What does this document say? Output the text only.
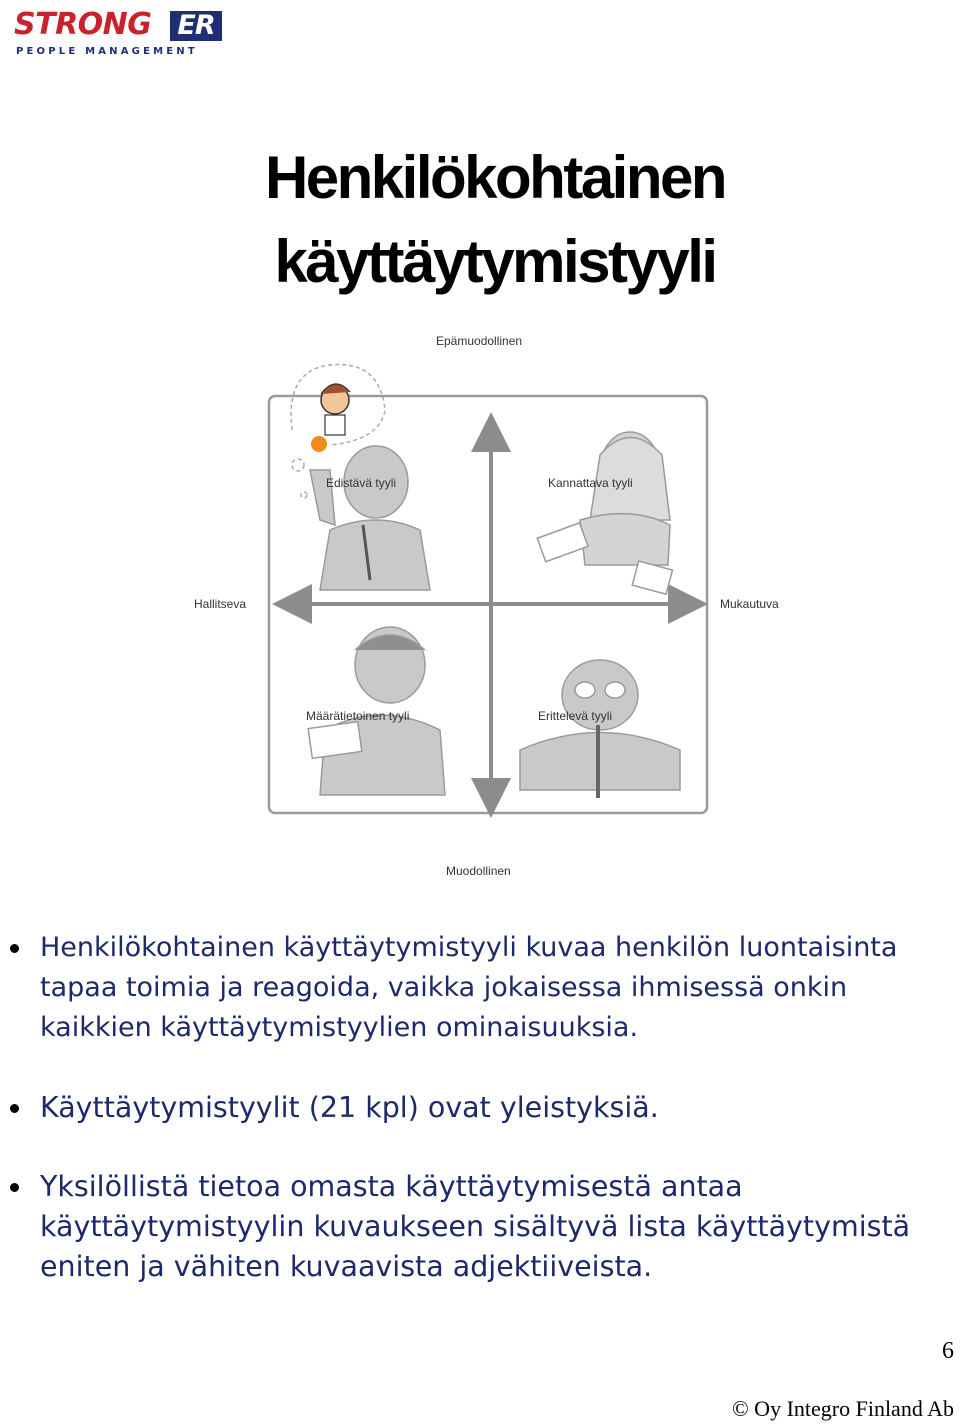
STRONG ER
PEOPLE MANAGEMENT
Henkilökohtainen
käyttäytymistyyli
Epämuodollinen
Muodollinen
Hallitseva	Mukautuva
Edistävä tyyli	Kannattava tyyli
Määrätietoinen tyyli	Erittelevä tyyli
Henkilökohtainen käyttäytymistyyli kuvaa henkilön luontaisinta tapaa toimia ja reagoida, vaikka jokaisessa ihmisessä onkin kaikkien käyttäytymistyylien ominaisuuksia.
Käyttäytymistyylit (21 kpl) ovat yleistyksiä.
Yksilöllistä tietoa omasta käyttäytymisestä antaa käyttäytymistyylin kuvaukseen sisältyvä lista käyttäytymistä eniten ja vähiten kuvaavista adjektiiveista.
6
© Oy Integro Finland Ab
